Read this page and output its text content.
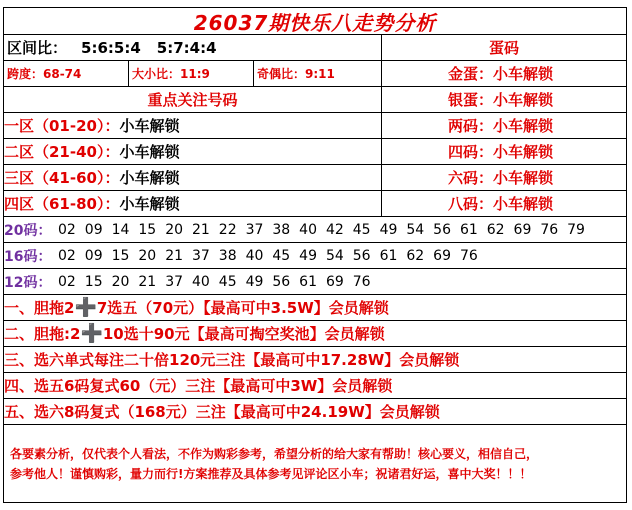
26037期快乐八走势分析
区间比： 5:6:5:4 5:7:4:4	蛋码
跨度：68-74	大小比：11:9	奇偶比：9:11	金蛋： 小车解锁
重点关注号码	银蛋： 小车解锁
一区（01-20）： 小车解锁	两码： 小车解锁
二区（21-40）： 小车解锁	四码： 小车解锁
三区（41-60）： 小车解锁	六码： 小车解锁
四区（61-80）： 小车解锁	八码： 小车解锁
20码： 02 09 14 15 20 21 22 37 38 40 42 45 49 54 56 61 62 69 76 79
16码： 02 09 15 20 21 37 38 40 45 49 54 56 61 62 69 76
12码： 02 15 20 21 37 40 45 49 56 61 69 76
一、胆拖2 ➕ 7选五（70元）【最高可中3.5W】会员解锁
二、胆拖:2 ➕ 10选十90元【最高可掏空奖池】会员解锁
三、选六单式每注二十倍120元三注【最高可中17.28W】会员解锁
四、选五6码复式60（元）三注【最高可中3W】会员解锁
五、选六8码复式（168元）三注【最高可中24.19W】会员解锁
各要素分析，仅代表个人看法，不作为购彩参考，希望分析的给大家有帮助！核心要义，相信自己，
参考他人！谨慎购彩，量力而行!方案推荐及具体参考见评论区小车；祝诸君好运，喜中大奖！！！
